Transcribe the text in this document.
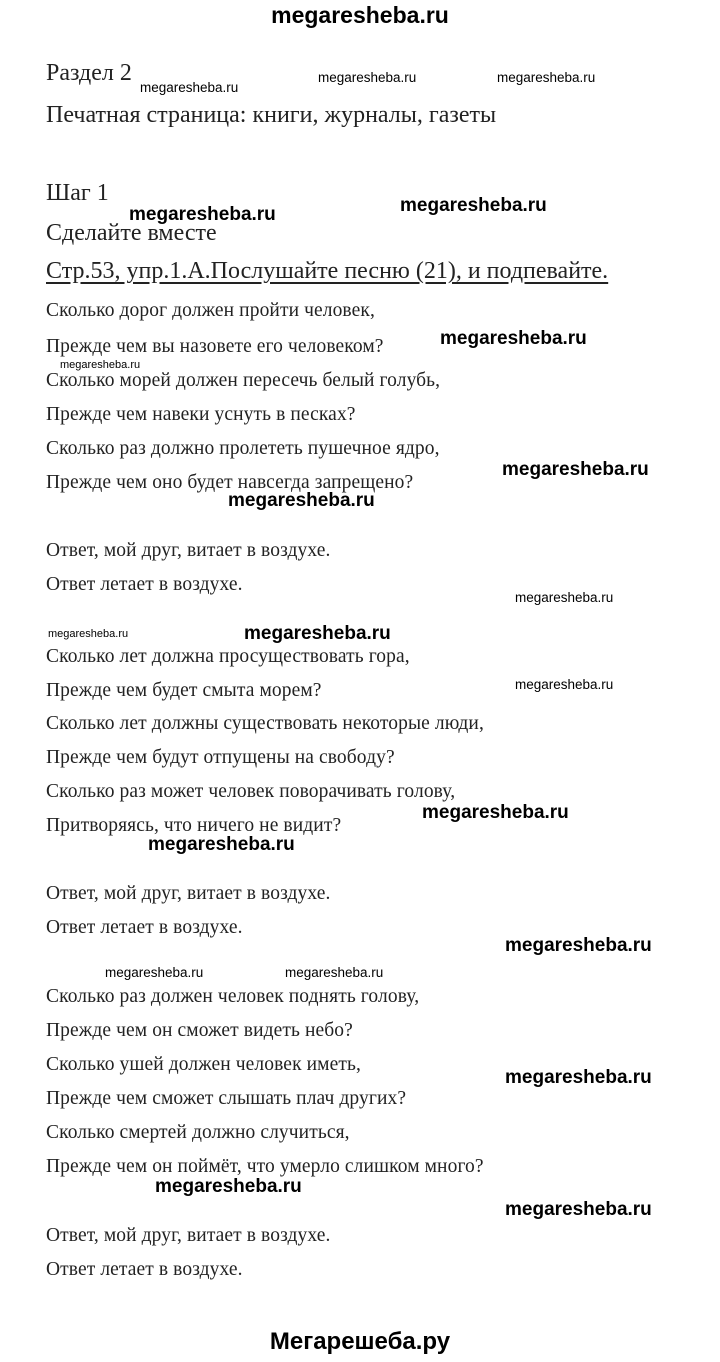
megaresheba.ru
Раздел 2
Печатная страница: книги, журналы, газеты
Шаг 1
Сделайте вместе
Стр.53, упр.1.А.Послушайте песню (21), и подпевайте.
Сколько дорог должен пройти человек,
Прежде чем вы назовете его человеком?
Сколько морей должен пересечь белый голубь,
Прежде чем навеки уснуть в песках?
Сколько раз должно пролететь пушечное ядро,
Прежде чем оно будет навсегда запрещено?
Ответ, мой друг, витает в воздухе.
Ответ летает в воздухе.
Сколько лет должна просуществовать гора,
Прежде чем будет смыта морем?
Сколько лет должны существовать некоторые люди,
Прежде чем будут отпущены на свободу?
Сколько раз может человек поворачивать голову,
Притворяясь, что ничего не видит?
Ответ, мой друг, витает в воздухе.
Ответ летает в воздухе.
Сколько раз должен человек поднять голову,
Прежде чем он сможет видеть небо?
Сколько ушей должен человек иметь,
Прежде чем сможет слышать плач других?
Сколько смертей должно случиться,
Прежде чем он поймёт, что умерло слишком много?
Ответ, мой друг, витает в воздухе.
Ответ летает в воздухе.
megaresheba.ru
megaresheba.ru	megaresheba.ru
megaresheba.ru
megaresheba.ru
megaresheba.ru
megaresheba.ru
megaresheba.ru	megaresheba.ru
megaresheba.ru	megaresheba.ru
megaresheba.ru
megaresheba.ru
megaresheba.ru
megaresheba.ru
megaresheba.ru
megaresheba.ru
megaresheba.ru
megaresheba.ru
megaresheba.ru
megaresheba.ru
Мегарешеба.ру
